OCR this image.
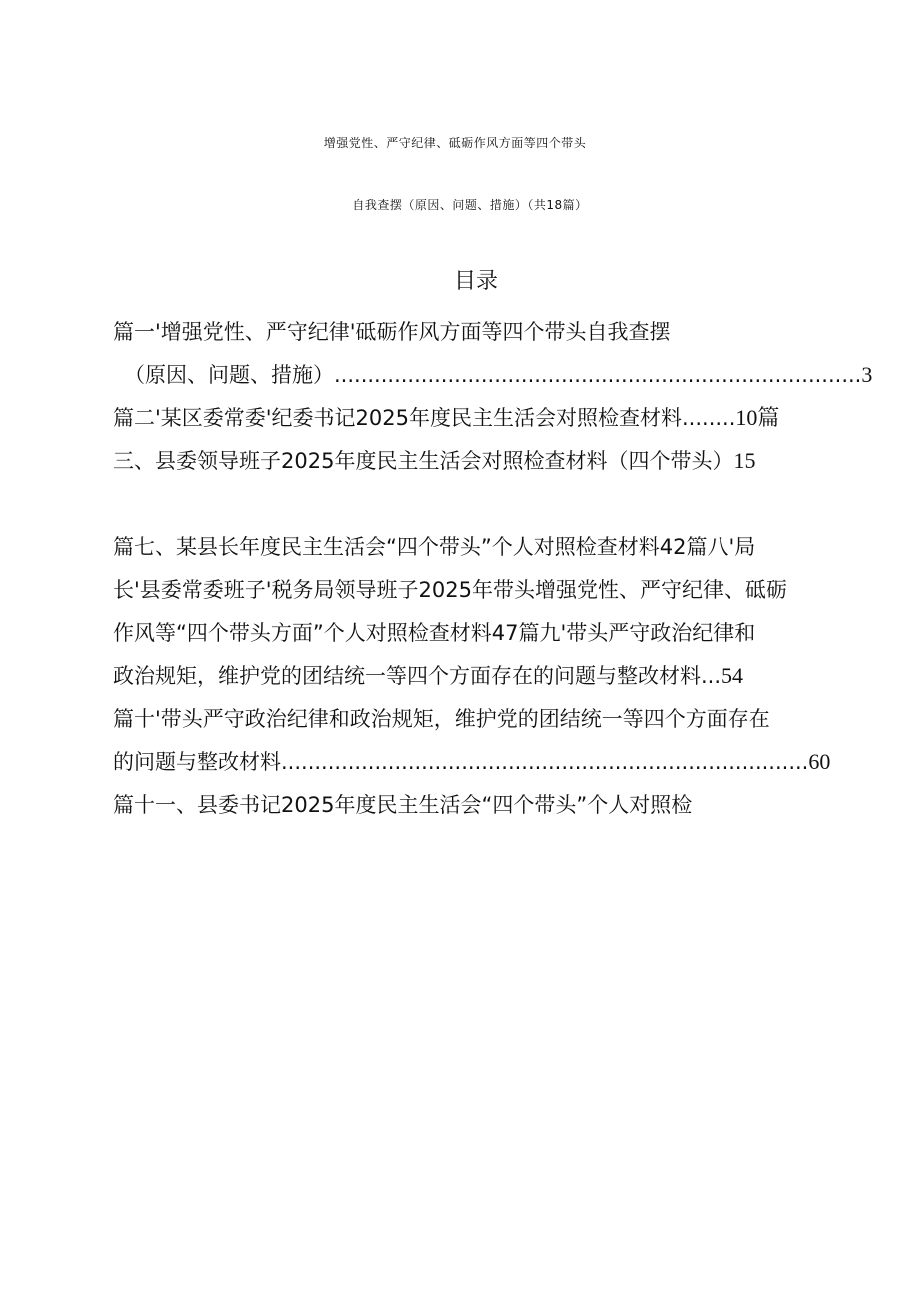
增强党性、严守纪律、砥砺作风方面等四个带头
自我查摆（原因、问题、措施）（共18篇）
目录
篇一'增强党性、严守纪律'砥砺作风方面等四个带头自我查摆
（原因、问题、措施）...............................................................................3
篇二'某区委常委'纪委书记2025年度民主生活会对照检查材料........10篇
三、县委领导班子2025年度民主生活会对照检查材料（四个带头）15
篇七、某县长年度民主生活会“四个带头”个人对照检查材料42篇八'局
长'县委常委班子'税务局领导班子2025年带头增强党性、严守纪律、砥砺
作风等“四个带头方面”个人对照检查材料47篇九'带头严守政治纪律和
政治规矩，维护党的团结统一等四个方面存在的问题与整改材料...54
篇十'带头严守政治纪律和政治规矩，维护党的团结统一等四个方面存在
的问题与整改材料...............................................................................60
篇十一、县委书记2025年度民主生活会“四个带头”个人对照检
